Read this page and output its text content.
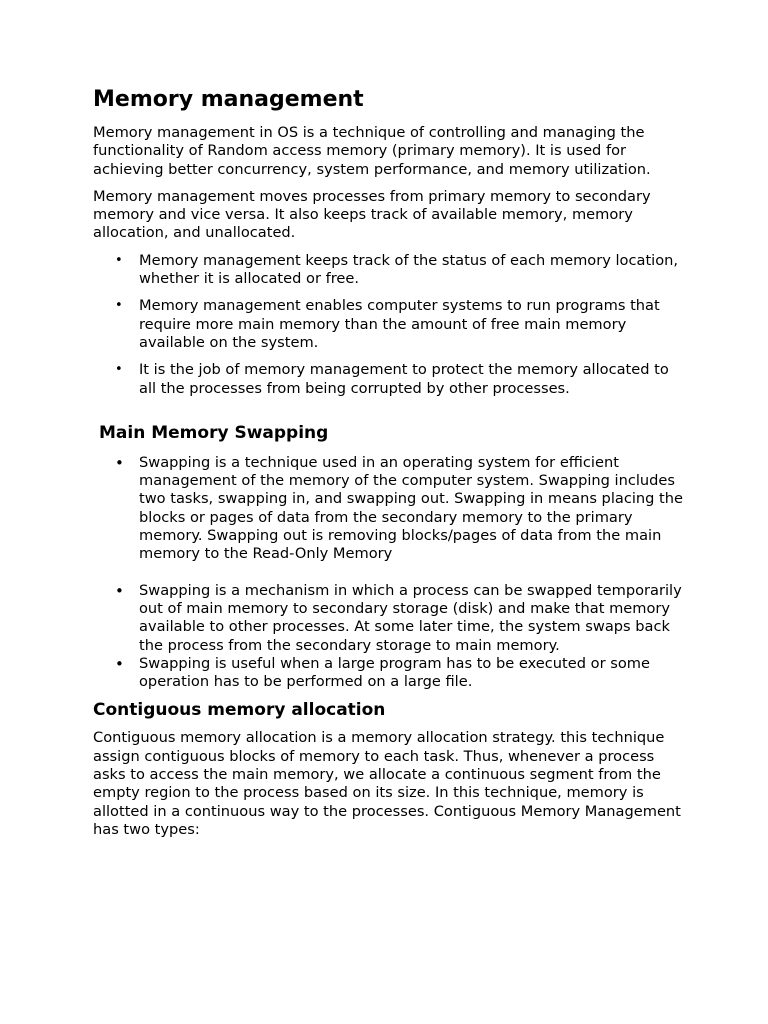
Memory management

Memory management in OS is a technique of controlling and managing the functionality of Random access memory (primary memory). It is used for achieving better concurrency, system performance, and memory utilization.

Memory management moves processes from primary memory to secondary memory and vice versa. It also keeps track of available memory, memory allocation, and unallocated.

• Memory management keeps track of the status of each memory location, whether it is allocated or free.
• Memory management enables computer systems to run programs that require more main memory than the amount of free main memory available on the system.
• It is the job of memory management to protect the memory allocated to all the processes from being corrupted by other processes.
Main Memory Swapping
• Swapping is a technique used in an operating system for efficient management of the memory of the computer system. Swapping includes two tasks, swapping in, and swapping out. Swapping in means placing the blocks or pages of data from the secondary memory to the primary memory. Swapping out is removing blocks/pages of data from the main memory to the Read-Only Memory
• Swapping is a mechanism in which a process can be swapped temporarily out of main memory to secondary storage (disk) and make that memory available to other processes. At some later time, the system swaps back the process from the secondary storage to main memory.
• Swapping is useful when a large program has to be executed or some operation has to be performed on a large file.
Contiguous memory allocation

Contiguous memory allocation is a memory allocation strategy. this technique assign contiguous blocks of memory to each task. Thus, whenever a process asks to access the main memory, we allocate a continuous segment from the empty region to the process based on its size. In this technique, memory is allotted in a continuous way to the processes. Contiguous Memory Management has two types:
